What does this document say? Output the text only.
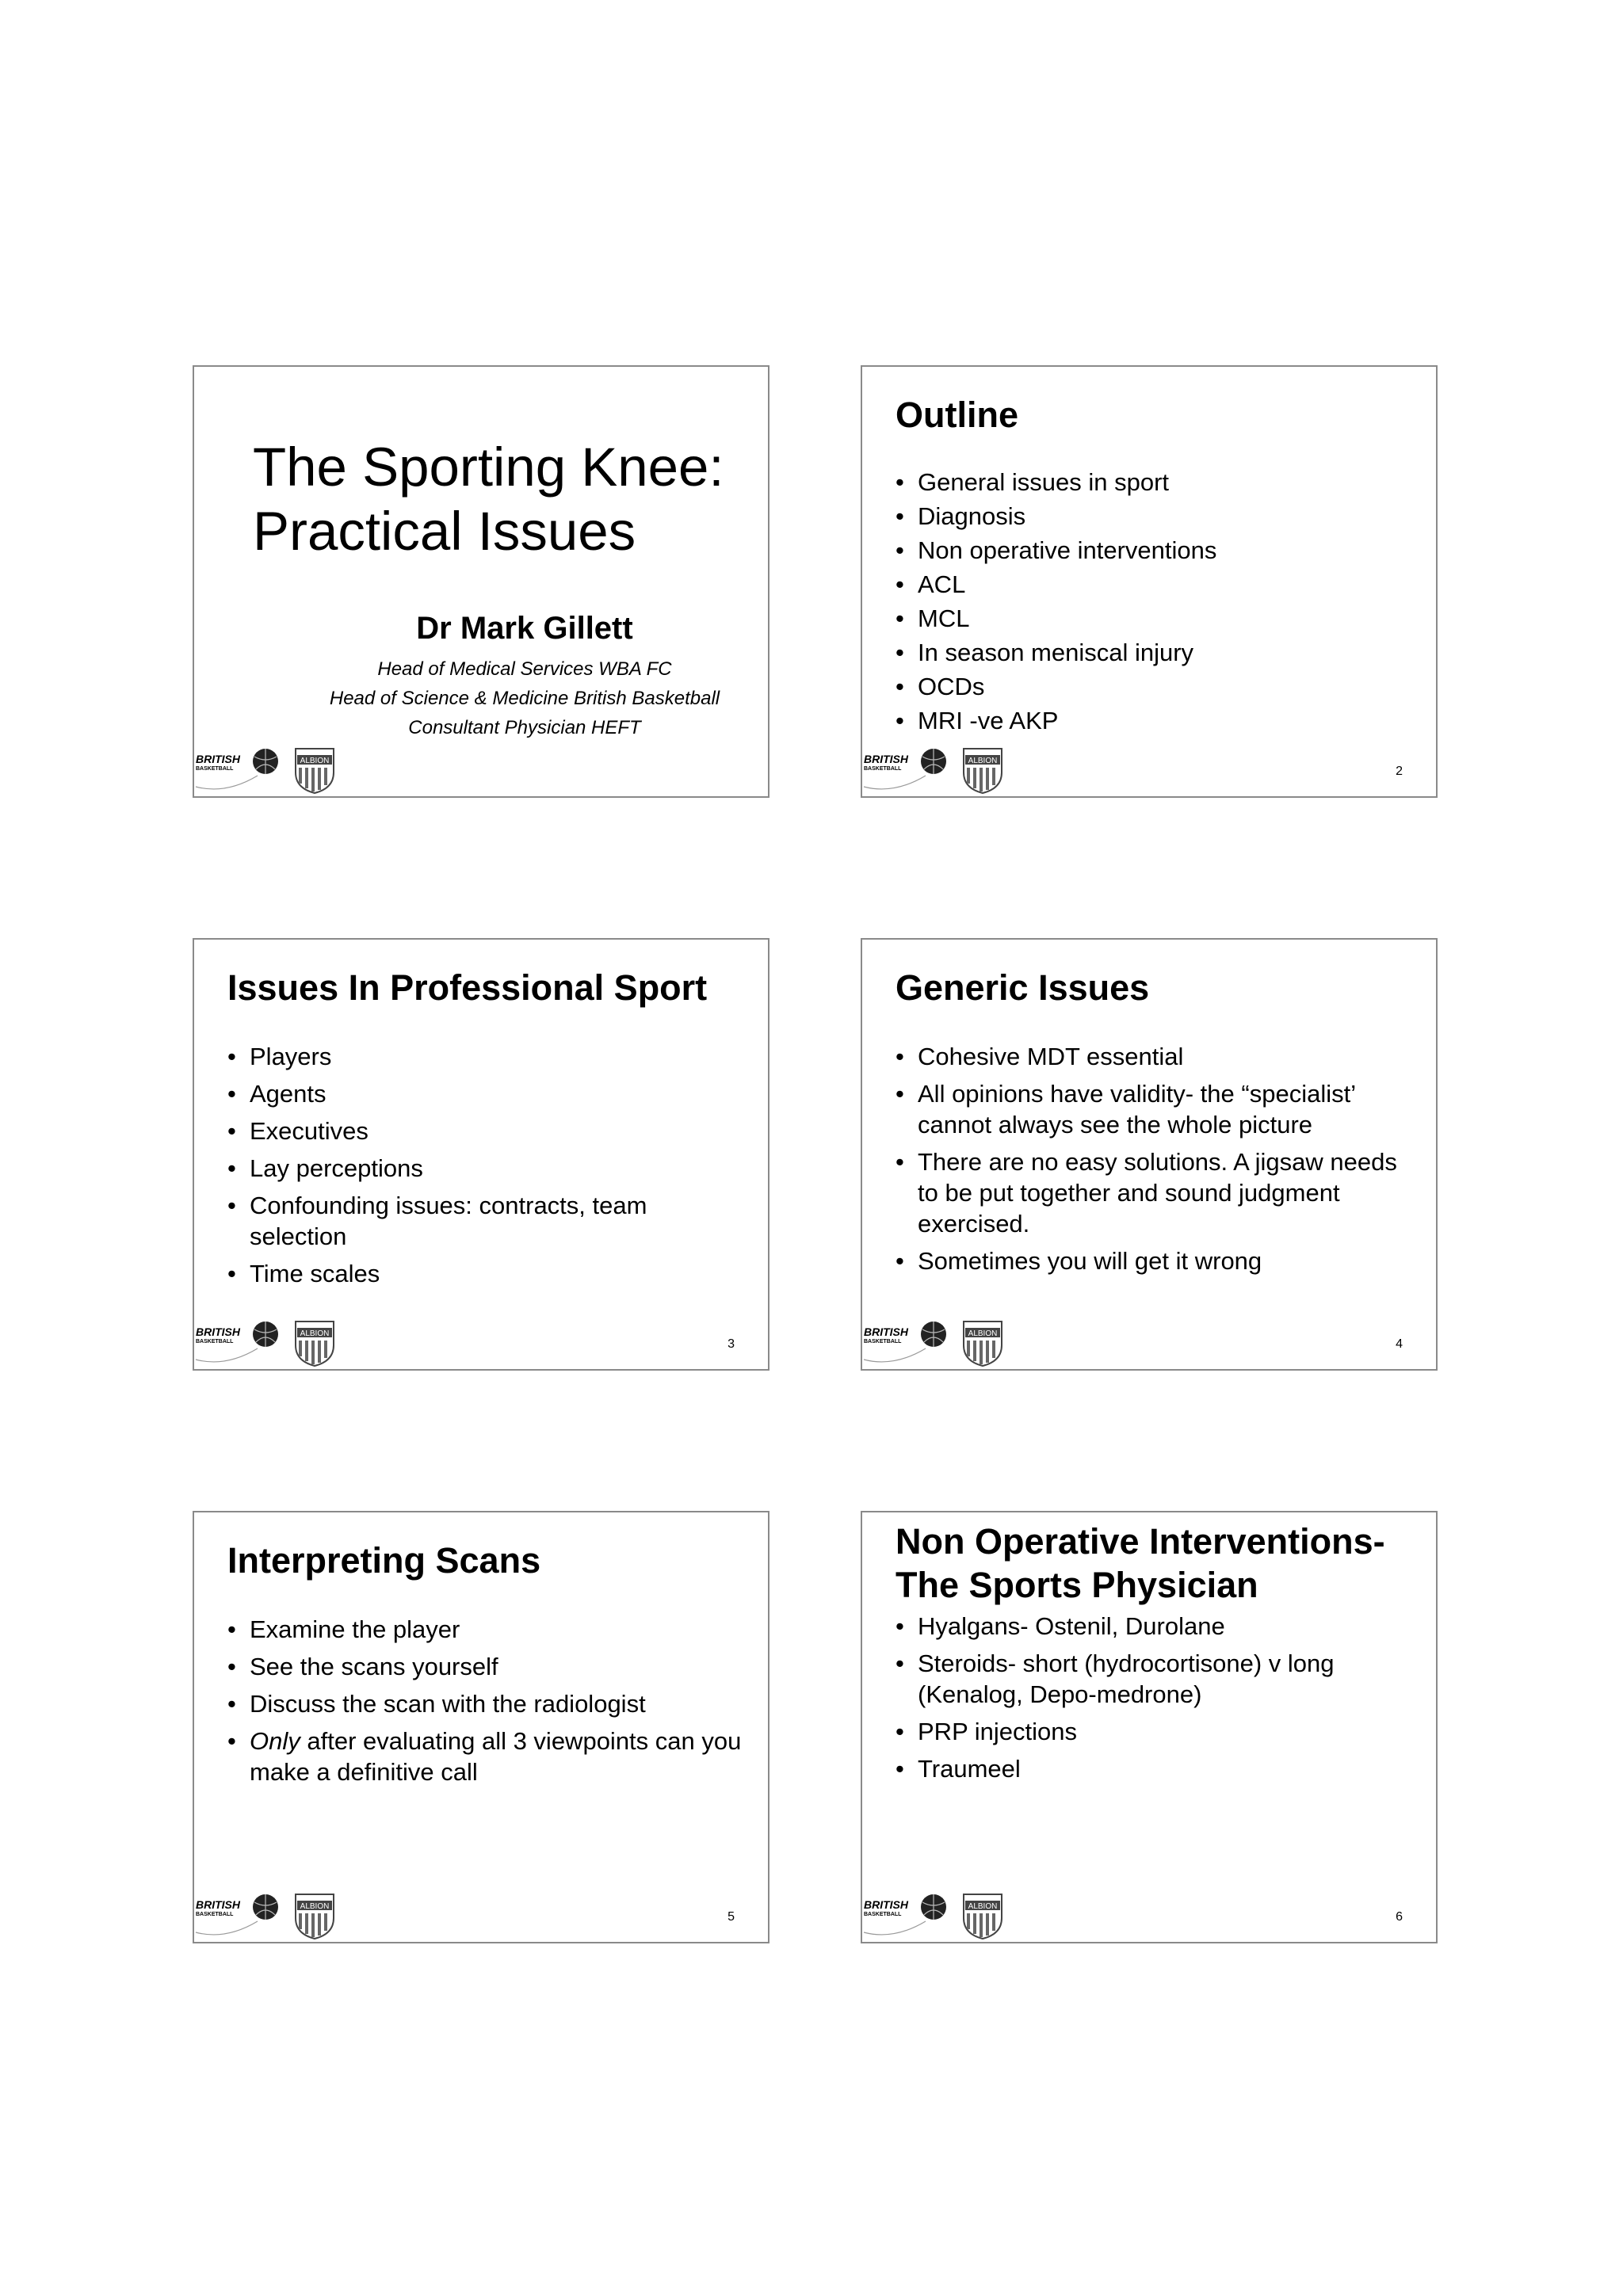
The Sporting Knee:
Practical Issues
Dr Mark Gillett
Head of Medical Services WBA FC
Head of Science & Medicine British Basketball
Consultant Physician HEFT
BRITISH
BASKETBALL
ALBION
Outline
• General issues in sport
• Diagnosis
• Non operative interventions
• ACL
• MCL
• In season meniscal injury
• OCDs
• MRI -ve AKP
2
BRITISH
BASKETBALL
ALBION
Issues In Professional Sport
• Players
• Agents
• Executives
• Lay perceptions
• Confounding issues: contracts, team selection
• Time scales
3
BRITISH
BASKETBALL
ALBION
Generic Issues
• Cohesive MDT essential
• All opinions have validity- the “specialist’ cannot always see the whole picture
• There are no easy solutions. A jigsaw needs to be put together and sound judgment exercised.
• Sometimes you will get it wrong
4
BRITISH
BASKETBALL
ALBION
Interpreting Scans
• Examine the player
• See the scans yourself
• Discuss the scan with the radiologist
• Only after evaluating all 3 viewpoints can you make a definitive call
5
BRITISH
BASKETBALL
ALBION
Non Operative Interventions-
The Sports Physician
• Hyalgans- Ostenil, Durolane
• Steroids- short (hydrocortisone) v long (Kenalog, Depo-medrone)
• PRP injections
• Traumeel
6
BRITISH
BASKETBALL
ALBION
